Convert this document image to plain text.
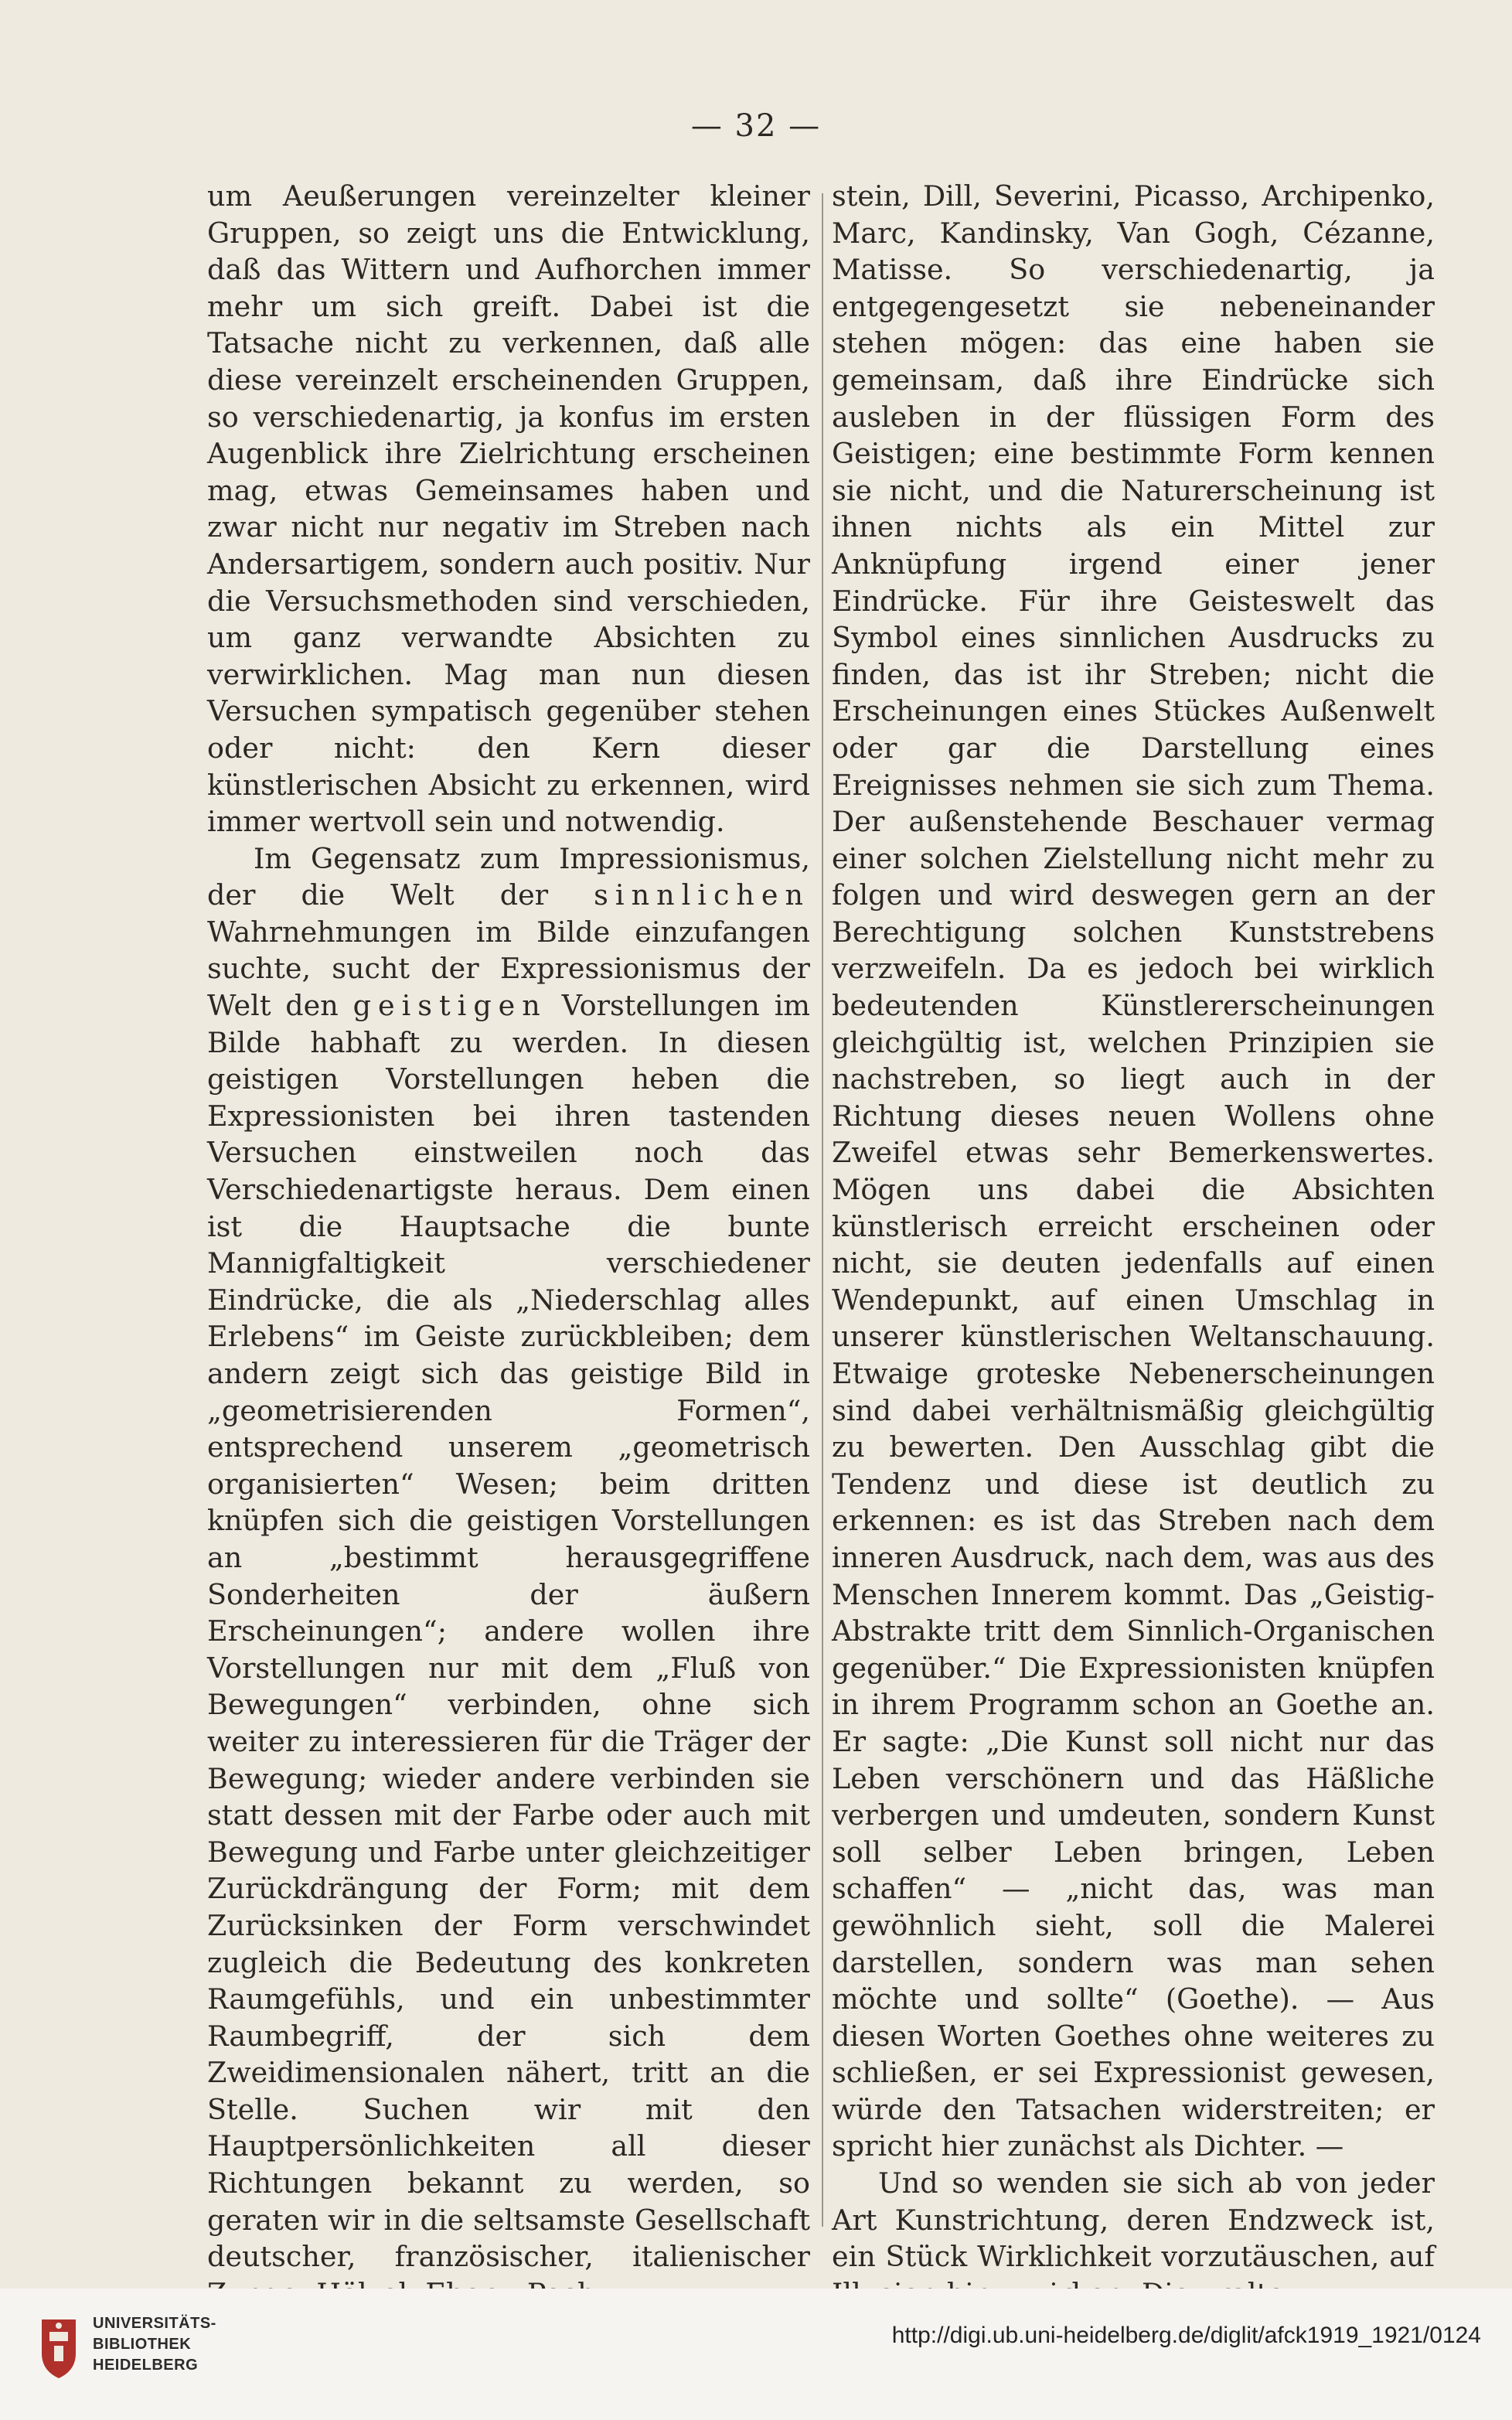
— 32 —

um Aeußerungen vereinzelter kleiner Gruppen, so zeigt uns die Entwicklung, daß das Wittern und Aufhorchen immer mehr um sich greift. Dabei ist die Tatsache nicht zu verkennen, daß alle diese vereinzelt erscheinenden Gruppen, so verschiedenartig, ja konfus im ersten Augenblick ihre Zielrichtung erscheinen mag, etwas Gemeinsames haben und zwar nicht nur negativ im Streben nach Andersartigem, sondern auch positiv. Nur die Versuchsmethoden sind verschieden, um ganz verwandte Absichten zu verwirklichen. Mag man nun diesen Versuchen sympatisch gegenüber stehen oder nicht: den Kern dieser künstlerischen Absicht zu erkennen, wird immer wertvoll sein und notwendig.

Im Gegensatz zum Impressionismus, der die Welt der sinnlichen Wahrnehmungen im Bilde einzufangen suchte, sucht der Expressionismus der Welt den geistigen Vorstellungen im Bilde habhaft zu werden. In diesen geistigen Vorstellungen heben die Expressionisten bei ihren tastenden Versuchen einstweilen noch das Verschiedenartigste heraus. Dem einen ist die Hauptsache die bunte Mannigfaltigkeit verschiedener Eindrücke, die als „Niederschlag alles Erlebens“ im Geiste zurückbleiben; dem andern zeigt sich das geistige Bild in „geometrisierenden Formen“, entsprechend unserem „geometrisch organisierten“ Wesen; beim dritten knüpfen sich die geistigen Vorstellungen an „bestimmt herausgegriffene Sonderheiten der äußern Erscheinungen“; andere wollen ihre Vorstellungen nur mit dem „Fluß von Bewegungen“ verbinden, ohne sich weiter zu interessieren für die Träger der Bewegung; wieder andere verbinden sie statt dessen mit der Farbe oder auch mit Bewegung und Farbe unter gleichzeitiger Zurückdrängung der Form; mit dem Zurücksinken der Form verschwindet zugleich die Bedeutung des konkreten Raumgefühls, und ein unbestimmter Raumbegriff, der sich dem Zweidimensionalen nähert, tritt an die Stelle. Suchen wir mit den Hauptpersönlichkeiten all dieser Richtungen bekannt zu werden, so geraten wir in die seltsamste Gesellschaft deutscher, französischer, italienischer

stein, Dill, Severini, Picasso, Archipenko, Marc, Kandinsky, Van Gogh, Cézanne, Matisse. So verschiedenartig, ja entgegengesetzt sie nebeneinander stehen mögen: das eine haben sie gemeinsam, daß ihre Eindrücke sich ausleben in der flüssigen Form des Geistigen; eine bestimmte Form kennen sie nicht, und die Naturerscheinung ist ihnen nichts als ein Mittel zur Anknüpfung irgend einer jener Eindrücke. Für ihre Geisteswelt das Symbol eines sinnlichen Ausdrucks zu finden, das ist ihr Streben; nicht die Erscheinungen eines Stückes Außenwelt oder gar die Darstellung eines Ereignisses nehmen sie sich zum Thema. Der außenstehende Beschauer vermag einer solchen Zielstellung nicht mehr zu folgen und wird deswegen gern an der Berechtigung solchen Kunststrebens verzweifeln. Da es jedoch bei wirklich bedeutenden Künstlererscheinungen gleichgültig ist, welchen Prinzipien sie nachstreben, so liegt auch in der Richtung dieses neuen Wollens ohne Zweifel etwas sehr Bemerkenswertes. Mögen uns dabei die Absichten künstlerisch erreicht erscheinen oder nicht, sie deuten jedenfalls auf einen Wendepunkt, auf einen Umschlag in unserer künstlerischen Weltanschauung. Etwaige groteske Nebenerscheinungen sind dabei verhältnismäßig gleichgültig zu bewerten. Den Ausschlag gibt die Tendenz und diese ist deutlich zu erkennen: es ist das Streben nach dem inneren Ausdruck, nach dem, was aus des Menschen Innerem kommt. Das „Geistig-Abstrakte tritt dem Sinnlich-Organischen gegenüber.“ Die Expressionisten knüpfen in ihrem Programm schon an Goethe an. Er sagte: „Die Kunst soll nicht nur das Leben verschönern und das Häßliche verbergen und umdeuten, sondern Kunst soll selber Leben bringen, Leben schaffen“ — „nicht das, was man gewöhnlich sieht, soll die Malerei darstellen, sondern was man sehen möchte und sollte“ (Goethe). — Aus diesen Worten Goethes ohne weiteres zu schließen, er sei Expressionist gewesen, würde den Tatsachen widerstreiten; er spricht hier zunächst als Dichter. —

Und so wenden sie sich ab von jeder Art Kunstrichtung, deren Endzweck ist, ein Stück Wirklichkeit vorzutäuschen, auf

UNIVERSITÄTS-
BIBLIOTHEK
HEIDELBERG
http://digi.ub.uni-heidelberg.de/diglit/afck1919_1921/0124
